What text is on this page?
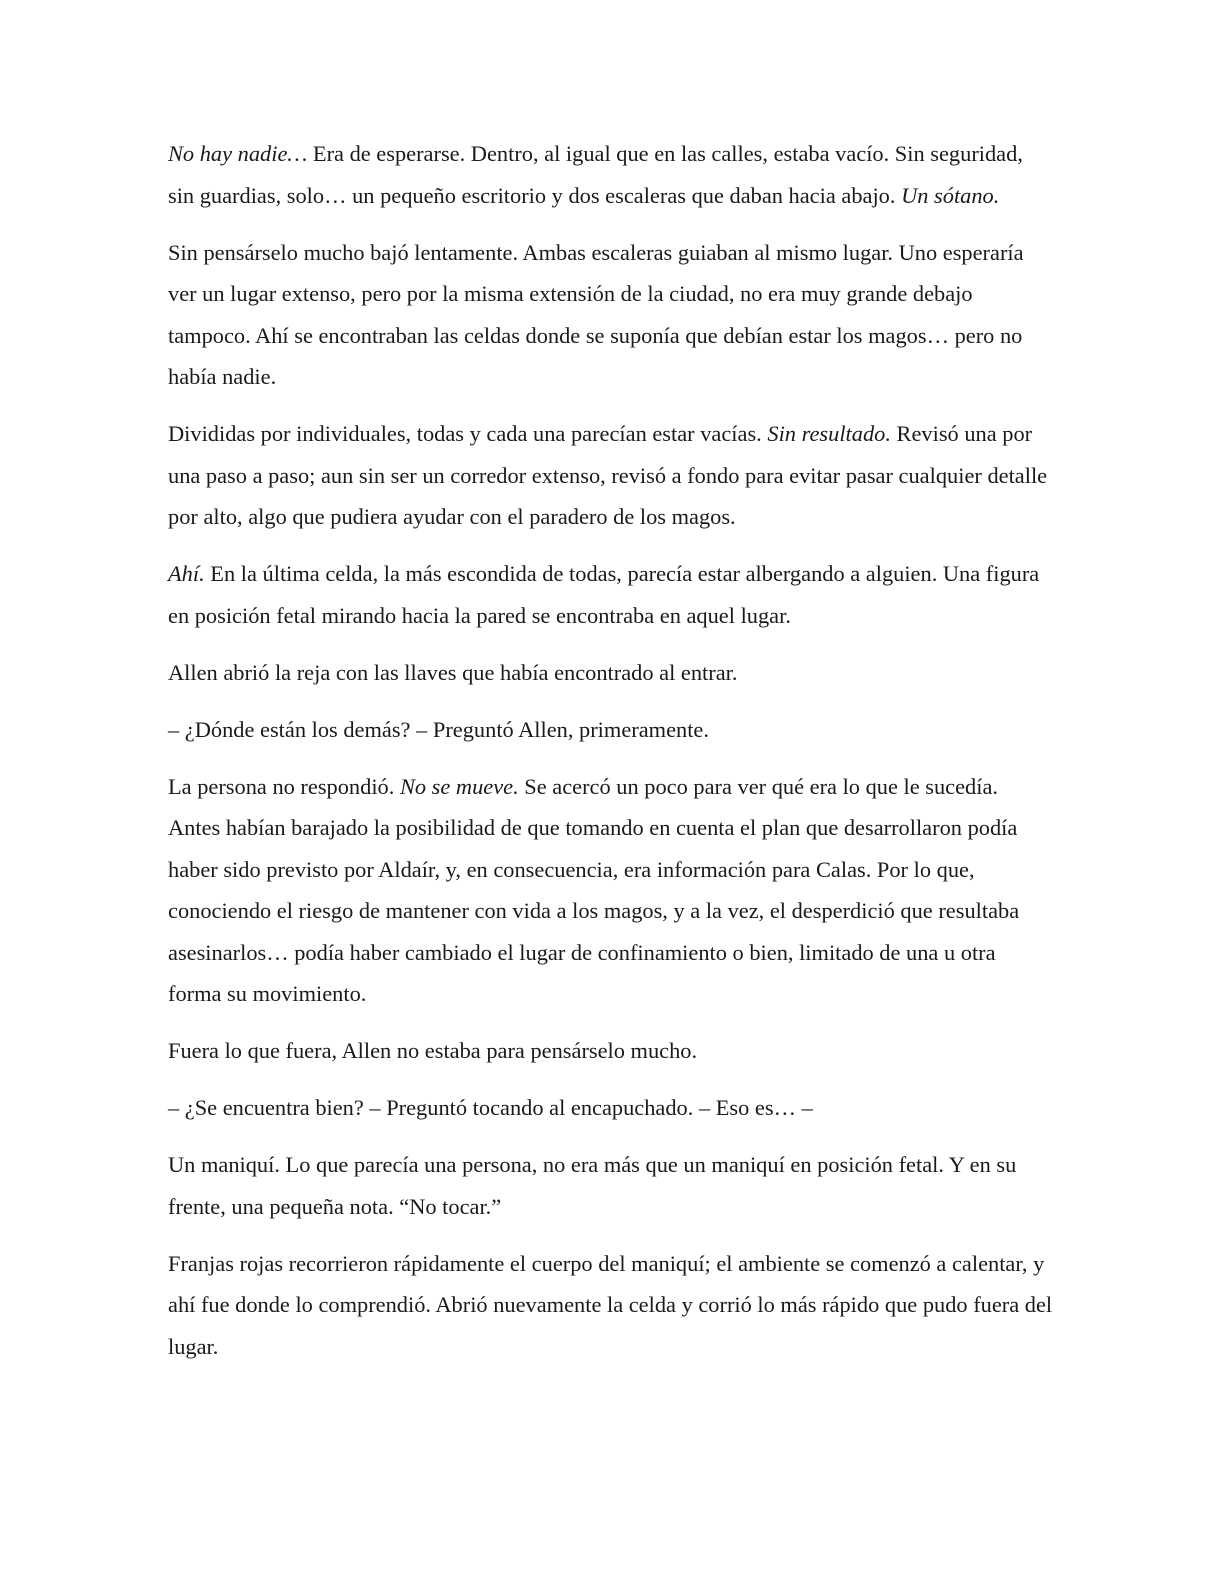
No hay nadie… Era de esperarse. Dentro, al igual que en las calles, estaba vacío. Sin seguridad, sin guardias, solo… un pequeño escritorio y dos escaleras que daban hacia abajo. Un sótano.

Sin pensárselo mucho bajó lentamente. Ambas escaleras guiaban al mismo lugar. Uno esperaría ver un lugar extenso, pero por la misma extensión de la ciudad, no era muy grande debajo tampoco. Ahí se encontraban las celdas donde se suponía que debían estar los magos… pero no había nadie.

Divididas por individuales, todas y cada una parecían estar vacías. Sin resultado. Revisó una por una paso a paso; aun sin ser un corredor extenso, revisó a fondo para evitar pasar cualquier detalle por alto, algo que pudiera ayudar con el paradero de los magos.

Ahí. En la última celda, la más escondida de todas, parecía estar albergando a alguien. Una figura en posición fetal mirando hacia la pared se encontraba en aquel lugar.

Allen abrió la reja con las llaves que había encontrado al entrar.

– ¿Dónde están los demás? – Preguntó Allen, primeramente.

La persona no respondió. No se mueve. Se acercó un poco para ver qué era lo que le sucedía. Antes habían barajado la posibilidad de que tomando en cuenta el plan que desarrollaron podía haber sido previsto por Aldaír, y, en consecuencia, era información para Calas. Por lo que, conociendo el riesgo de mantener con vida a los magos, y a la vez, el desperdició que resultaba asesinarlos… podía haber cambiado el lugar de confinamiento o bien, limitado de una u otra forma su movimiento.

Fuera lo que fuera, Allen no estaba para pensárselo mucho.

– ¿Se encuentra bien? – Preguntó tocando al encapuchado. – Eso es… –

Un maniquí. Lo que parecía una persona, no era más que un maniquí en posición fetal. Y en su frente, una pequeña nota. “No tocar.”

Franjas rojas recorrieron rápidamente el cuerpo del maniquí; el ambiente se comenzó a calentar, y ahí fue donde lo comprendió. Abrió nuevamente la celda y corrió lo más rápido que pudo fuera del lugar.
